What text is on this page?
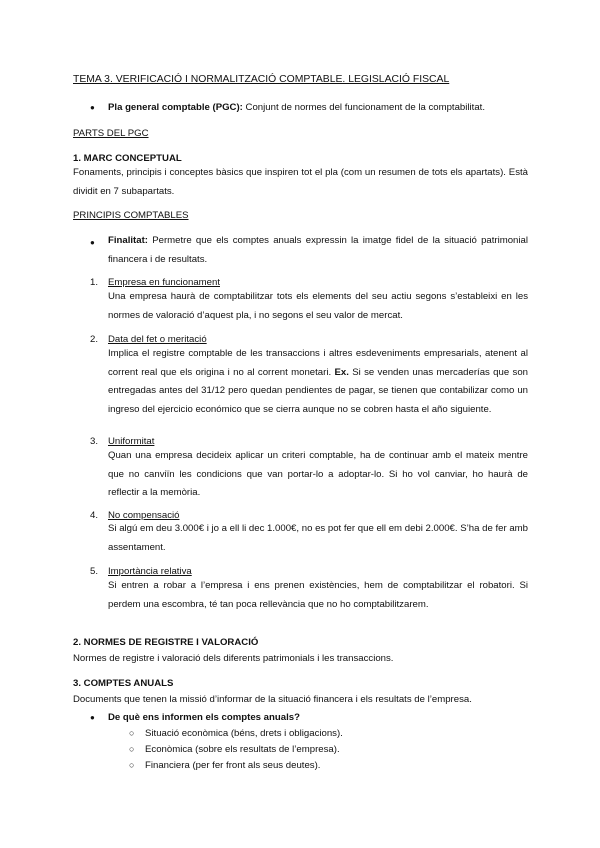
TEMA 3. VERIFICACIÓ I NORMALITZACIÓ COMPTABLE. LEGISLACIÓ FISCAL
● Pla general comptable (PGC): Conjunt de normes del funcionament de la comptabilitat.
PARTS DEL PGC
1. MARC CONCEPTUAL
Fonaments, principis i conceptes bàsics que inspiren tot el pla (com un resumen de tots els apartats). Està dividit en 7 subapartats.
PRINCIPIS COMPTABLES
● Finalitat: Permetre que els comptes anuals expressin la imatge fidel de la situació patrimonial financera i de resultats.
1. Empresa en funcionament
Una empresa haurà de comptabilitzar tots els elements del seu actiu segons s’estableixi en les normes de valoració d’aquest pla, i no segons el seu valor de mercat.
2. Data del fet o meritació
Implica el registre comptable de les transaccions i altres esdeveniments empresarials, atenent al corrent real que els origina i no al corrent monetari. Ex. Si se venden unas mercaderías que son entregadas antes del 31/12 pero quedan pendientes de pagar, se tienen que contabilizar como un ingreso del ejercicio económico que se cierra aunque no se cobren hasta el año siguiente.
3. Uniformitat
Quan una empresa decideix aplicar un criteri comptable, ha de continuar amb el mateix mentre que no canviïn les condicions que van portar-lo a adoptar-lo. Si ho vol canviar, ho haurà de reflectir a la memòria.
4. No compensació
Si algú em deu 3.000€ i jo a ell li dec 1.000€, no es pot fer que ell em debi 2.000€. S’ha de fer amb assentament.
5. Importància relativa
Si entren a robar a l’empresa i ens prenen existències, hem de comptabilitzar el robatori. Si perdem una escombra, té tan poca rellevància que no ho comptabilitzarem.
2. NORMES DE REGISTRE I VALORACIÓ
Normes de registre i valoració dels diferents patrimonials i les transaccions.
3. COMPTES ANUALS
Documents que tenen la missió d’informar de la situació financera i els resultats de l’empresa.
● De què ens informen els comptes anuals?
○ Situació econòmica (béns, drets i obligacions).
○ Econòmica (sobre els resultats de l’empresa).
○ Financiera (per fer front als seus deutes).
